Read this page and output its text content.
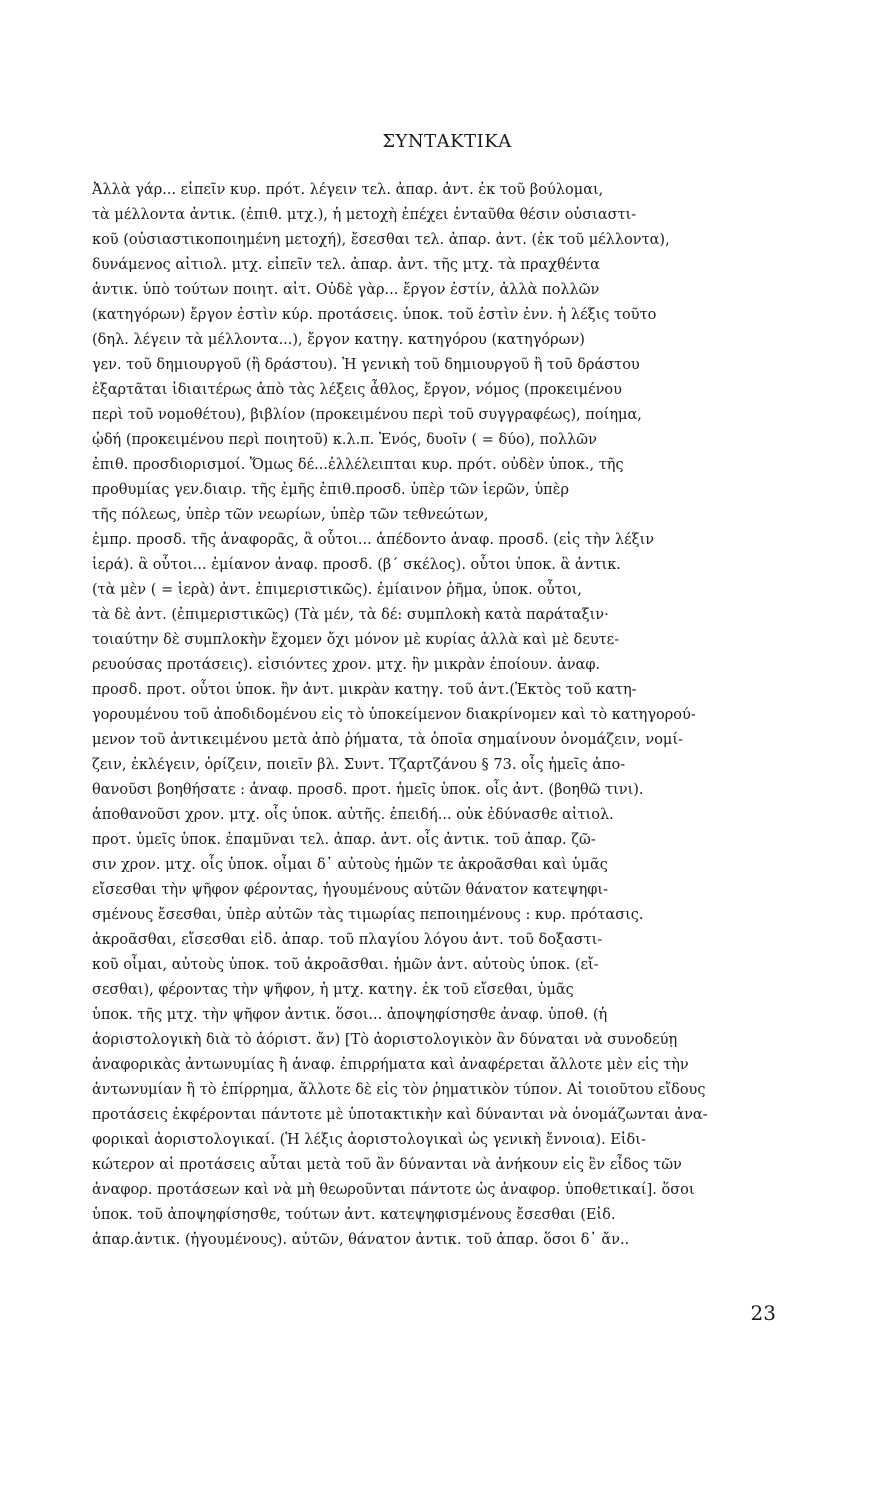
ΣΥΝΤΑΚΤΙΚΑ
Ἀλλὰ γάρ... εἰπεῖν κυρ. πρότ. λέγειν τελ. ἀπαρ. ἀντ. ἐκ τοῦ βούλομαι,
τὰ μέλλοντα ἀντικ. (ἐπιθ. μτχ.), ἡ μετοχὴ ἐπέχει ἐνταῦθα θέσιν οὐσιαστι-
κοῦ (οὐσιαστικοποιημένη μετοχή), ἔσεσθαι τελ. ἀπαρ. ἀντ. (ἐκ τοῦ μέλλοντα),
δυνάμενος αἰτιολ. μτχ. εἰπεῖν τελ. ἀπαρ. ἀντ. τῆς μτχ. τὰ πραχθέντα
ἀντικ. ὑπὸ τούτων ποιητ. αἰτ. Οὐδὲ γὰρ... ἔργον ἐστίν, ἀλλὰ πολλῶν
(κατηγόρων) ἔργον ἐστὶν κύρ. προτάσεις. ὑποκ. τοῦ ἐστὶν ἐνν. ἡ λέξις τοῦτο
(δηλ. λέγειν τὰ μέλλοντα...), ἔργον κατηγ. κατηγόρου (κατηγόρων)
γεν. τοῦ δημιουργοῦ (ἢ δράστου). Ἡ γενικὴ τοῦ δημιουργοῦ ἢ τοῦ δράστου
ἐξαρτᾶται ἰδιαιτέρως ἀπὸ τὰς λέξεις ἆθλος, ἔργον, νόμος (προκειμένου
περὶ τοῦ νομοθέτου), βιβλίον (προκειμένου περὶ τοῦ συγγραφέως), ποίημα,
ᾠδή (προκειμένου περὶ ποιητοῦ) κ.λ.π. Ἑνός, δυοῖν ( = δύο), πολλῶν
ἐπιθ. προσδιορισμοί. Ὅμως δέ...ἐλλέλειπται κυρ. πρότ. οὐδὲν ὑποκ., τῆς
προθυμίας γεν.διαιρ. τῆς ἐμῆς ἐπιθ.προσδ. ὑπὲρ τῶν ἱερῶν, ὑπὲρ
τῆς πόλεως, ὑπὲρ τῶν νεωρίων, ὑπὲρ τῶν τεθνεώτων,
ἐμπρ. προσδ. τῆς ἀναφορᾶς, ἃ οὗτοι... ἀπέδοντο ἀναφ. προσδ. (εἰς τὴν λέξιν
ἱερά). ἃ οὗτοι... ἐμίανον ἀναφ. προσδ. (β΄ σκέλος). οὗτοι ὑποκ. ἃ ἀντικ.
(τὰ μὲν ( = ἱερὰ) ἀντ. ἐπιμεριστικῶς). ἐμίαινον ῥῆμα, ὑποκ. οὗτοι,
τὰ δὲ ἀντ. (ἐπιμεριστικῶς) (Τὰ μέν, τὰ δέ: συμπλοκὴ κατὰ παράταξιν·
τοιαύτην δὲ συμπλοκὴν ἔχομεν ὄχι μόνον μὲ κυρίας ἀλλὰ καὶ μὲ δευτε-
ρευούσας προτάσεις). εἰσιόντες χρον. μτχ. ἣν μικρὰν ἐποίουν. ἀναφ.
προσδ. προτ. οὗτοι ὑποκ. ἣν ἀντ. μικρὰν κατηγ. τοῦ ἀντ.(Ἐκτὸς τοῦ κατη-
γορουμένου τοῦ ἀποδιδομένου εἰς τὸ ὑποκείμενον διακρίνομεν καὶ τὸ κατηγορού-
μενον τοῦ ἀντικειμένου μετὰ ἀπὸ ῥήματα, τὰ ὁποῖα σημαίνουν ὀνομάζειν, νομί-
ζειν, ἐκλέγειν, ὁρίζειν, ποιεῖν βλ. Συντ. Τζαρτζάνου § 73. οἷς ἡμεῖς ἀπο-
θανοῦσι βοηθήσατε : ἀναφ. προσδ. προτ. ἡμεῖς ὑποκ. οἷς ἀντ. (βοηθῶ τινι).
ἀποθανοῦσι χρον. μτχ. οἷς ὑποκ. αὐτῆς. ἐπειδή... οὐκ ἐδύνασθε αἰτιολ.
προτ. ὑμεῖς ὑποκ. ἐπαμῦναι τελ. ἀπαρ. ἀντ. οἷς ἀντικ. τοῦ ἀπαρ. ζῶ-
σιν χρον. μτχ. οἷς ὑποκ. οἶμαι δ᾽ αὐτοὺς ἡμῶν τε ἀκροᾶσθαι καὶ ὑμᾶς
εἴσεσθαι τὴν ψῆφον φέροντας, ἡγουμένους αὐτῶν θάνατον κατεψηφι-
σμένους ἔσεσθαι, ὑπὲρ αὐτῶν τὰς τιμωρίας πεποιημένους : κυρ. πρότασις.
ἀκροᾶσθαι, εἴσεσθαι εἰδ. ἀπαρ. τοῦ πλαγίου λόγου ἀντ. τοῦ δοξαστι-
κοῦ οἶμαι, αὐτοὺς ὑποκ. τοῦ ἀκροᾶσθαι. ἡμῶν ἀντ. αὐτοὺς ὑποκ. (εἴ-
σεσθαι), φέροντας τὴν ψῆφον, ἡ μτχ. κατηγ. ἐκ τοῦ εἴσεθαι, ὑμᾶς
ὑποκ. τῆς μτχ. τὴν ψῆφον ἀντικ. ὅσοι... ἀποψηφίσησθε ἀναφ. ὑποθ. (ἡ
ἀοριστολογικὴ διὰ τὸ ἀόριστ. ἄν) [Τὸ ἀοριστολογικὸν ἂν δύναται νὰ συνοδεύῃ
ἀναφορικὰς ἀντωνυμίας ἢ ἀναφ. ἐπιρρήματα καὶ ἀναφέρεται ἄλλοτε μὲν εἰς τὴν
ἀντωνυμίαν ἢ τὸ ἐπίρρημα, ἄλλοτε δὲ εἰς τὸν ῥηματικὸν τύπον. Αἱ τοιοῦτου εἴδους
προτάσεις ἐκφέρονται πάντοτε μὲ ὑποτακτικὴν καὶ δύνανται νὰ ὀνομάζωνται ἀνα-
φορικαὶ ἀοριστολογικαί. (Ἡ λέξις ἀοριστολογικαὶ ὡς γενικὴ ἔννοια). Εἰδι-
κώτερον αἱ προτάσεις αὗται μετὰ τοῦ ἂν δύνανται νὰ ἀνήκουν εἰς ἓν εἶδος τῶν
ἀναφορ. προτάσεων καὶ νὰ μὴ θεωροῦνται πάντοτε ὡς ἀναφορ. ὑποθετικαί]. ὅσοι
ὑποκ. τοῦ ἀποψηφίσησθε, τούτων ἀντ. κατεψηφισμένους ἔσεσθαι (Εἰδ.
ἀπαρ.ἀντικ. (ἡγουμένους). αὐτῶν, θάνατον ἀντικ. τοῦ ἀπαρ. ὅσοι δ᾽ ἄν..
23
